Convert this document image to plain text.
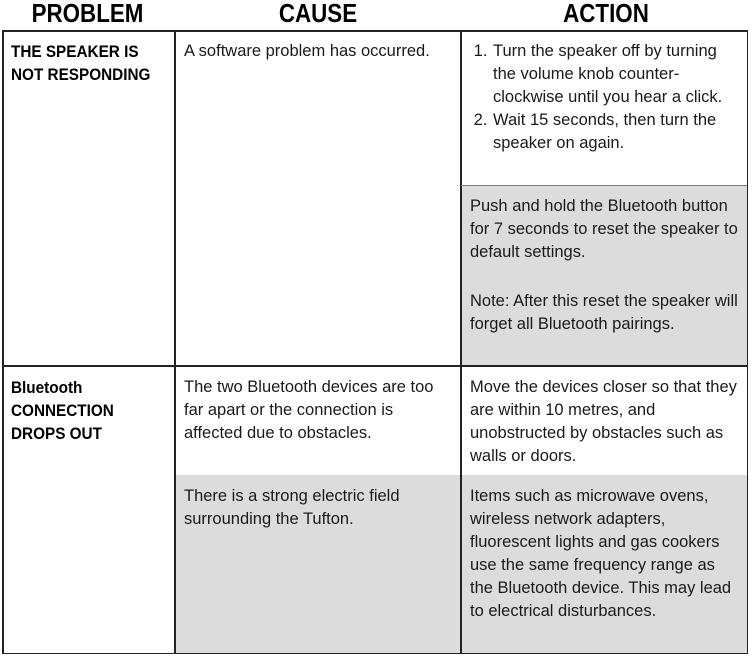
PROBLEM	CAUSE	ACTION
THE SPEAKER IS
NOT RESPONDING

A software problem has occurred.

1.	Turn the speaker off by turning the volume knob counter-clockwise until you hear a click.
2. Wait 15 seconds, then turn the speaker on again.

Push and hold the Bluetooth button for 7 seconds to reset the speaker to default settings.

Note: After this reset the speaker will forget all Bluetooth pairings.

Bluetooth
CONNECTION
DROPS OUT

The two Bluetooth devices are too far apart or the connection is affected due to obstacles.

Move the devices closer so that they are within 10 metres, and unobstructed by obstacles such as walls or doors.

There is a strong electric field surrounding the Tufton.

Items such as microwave ovens, wireless network adapters, fluorescent lights and gas cookers use the same frequency range as the Bluetooth device. This may lead to electrical disturbances.
